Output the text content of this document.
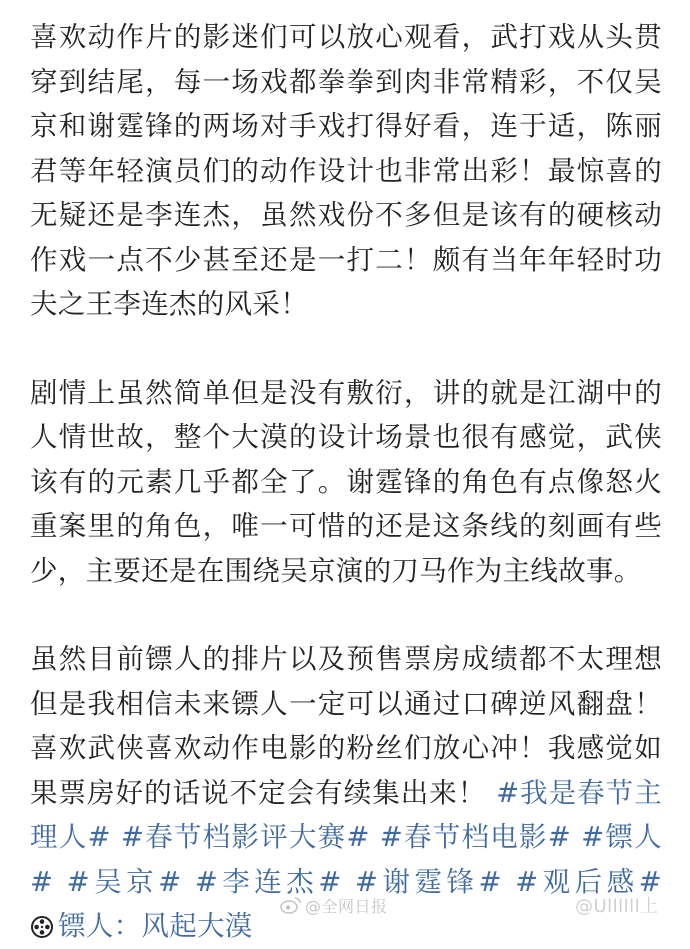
喜欢动作片的影迷们可以放心观看，武打戏从头贯穿到结尾，每一场戏都拳拳到肉非常精彩，不仅吴京和谢霆锋的两场对手戏打得好看，连于适，陈丽君等年轻演员们的动作设计也非常出彩！最惊喜的无疑还是李连杰，虽然戏份不多但是该有的硬核动作戏一点不少甚至还是一打二！颇有当年年轻时功夫之王李连杰的风采！

剧情上虽然简单但是没有敷衍，讲的就是江湖中的人情世故，整个大漠的设计场景也很有感觉，武侠该有的元素几乎都全了。谢霆锋的角色有点像怒火重案里的角色，唯一可惜的还是这条线的刻画有些少，主要还是在围绕吴京演的刀马作为主线故事。

虽然目前镖人的排片以及预售票房成绩都不太理想但是我相信未来镖人一定可以通过口碑逆风翻盘！喜欢武侠喜欢动作电影的粉丝们放心冲！我感觉如果票房好的话说不定会有续集出来！ #我是春节主理人# #春节档影评大赛# #春节档电影# #镖人# #吴京# #李连杰# #谢霆锋# #观后感# 镖人：风起大漠

@全网日报	@Ullllll上
